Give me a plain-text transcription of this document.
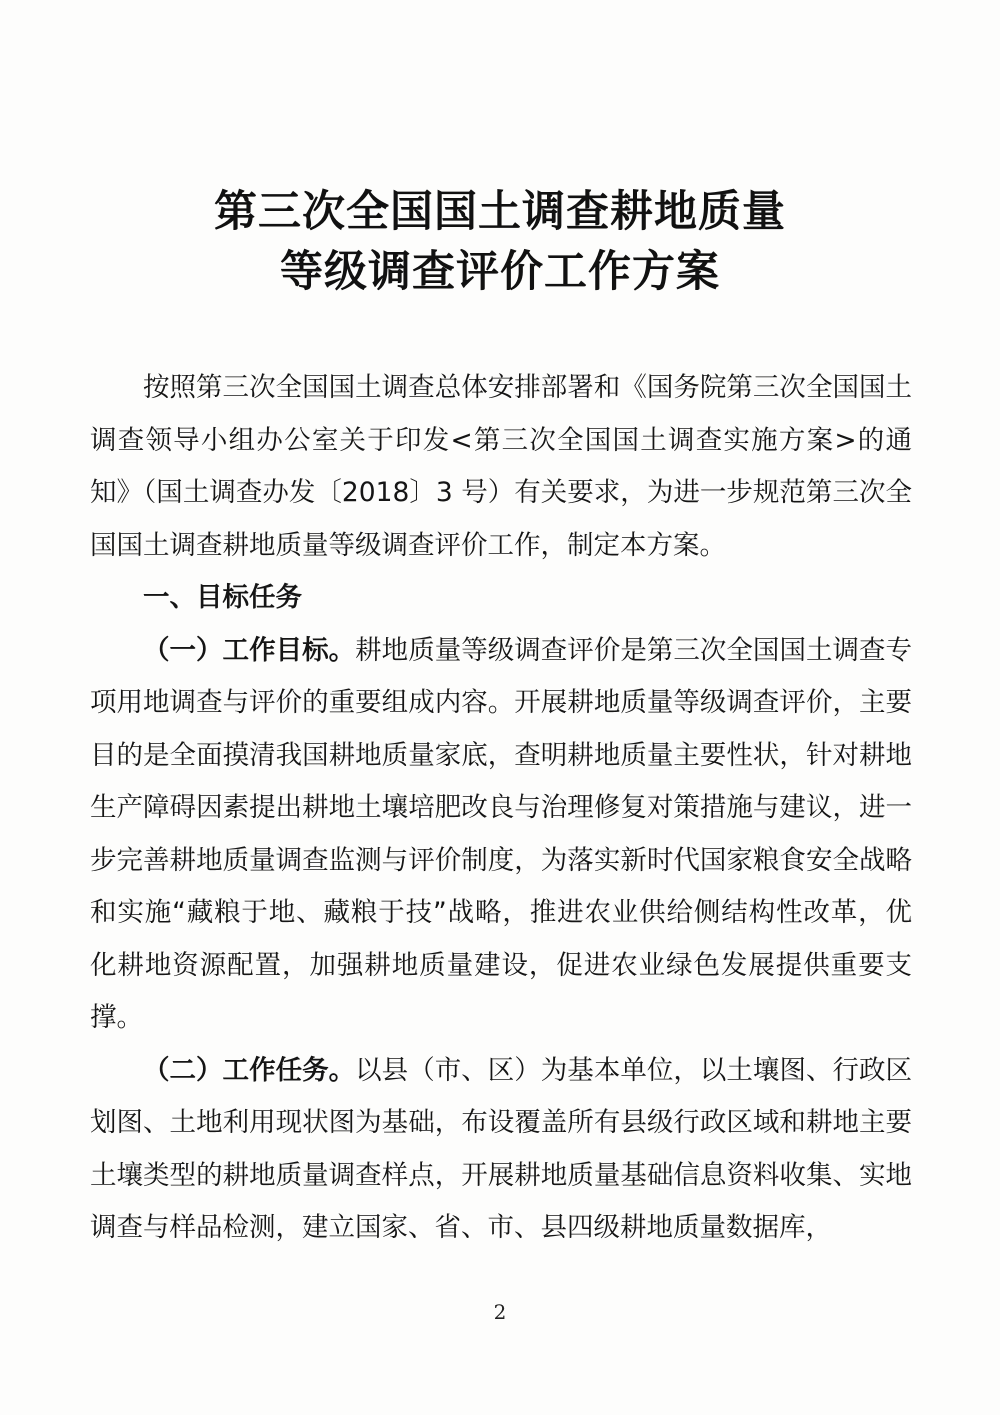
第三次全国国土调查耕地质量
等级调查评价工作方案

按照第三次全国国土调查总体安排部署和《国务院第三次全国国土调查领导小组办公室关于印发<第三次全国国土调查实施方案>的通知》（国土调查办发〔2018〕3 号）有关要求，为进一步规范第三次全国国土调查耕地质量等级调查评价工作，制定本方案。

一、目标任务

（一）工作目标。耕地质量等级调查评价是第三次全国国土调查专项用地调查与评价的重要组成内容。开展耕地质量等级调查评价，主要目的是全面摸清我国耕地质量家底，查明耕地质量主要性状，针对耕地生产障碍因素提出耕地土壤培肥改良与治理修复对策措施与建议，进一步完善耕地质量调查监测与评价制度，为落实新时代国家粮食安全战略和实施“藏粮于地、藏粮于技”战略，推进农业供给侧结构性改革，优化耕地资源配置，加强耕地质量建设，促进农业绿色发展提供重要支撑。

（二）工作任务。以县（市、区）为基本单位，以土壤图、行政区划图、土地利用现状图为基础，布设覆盖所有县级行政区域和耕地主要土壤类型的耕地质量调查样点，开展耕地质量基础信息资料收集、实地调查与样品检测，建立国家、省、市、县四级耕地质量数据库，

2
